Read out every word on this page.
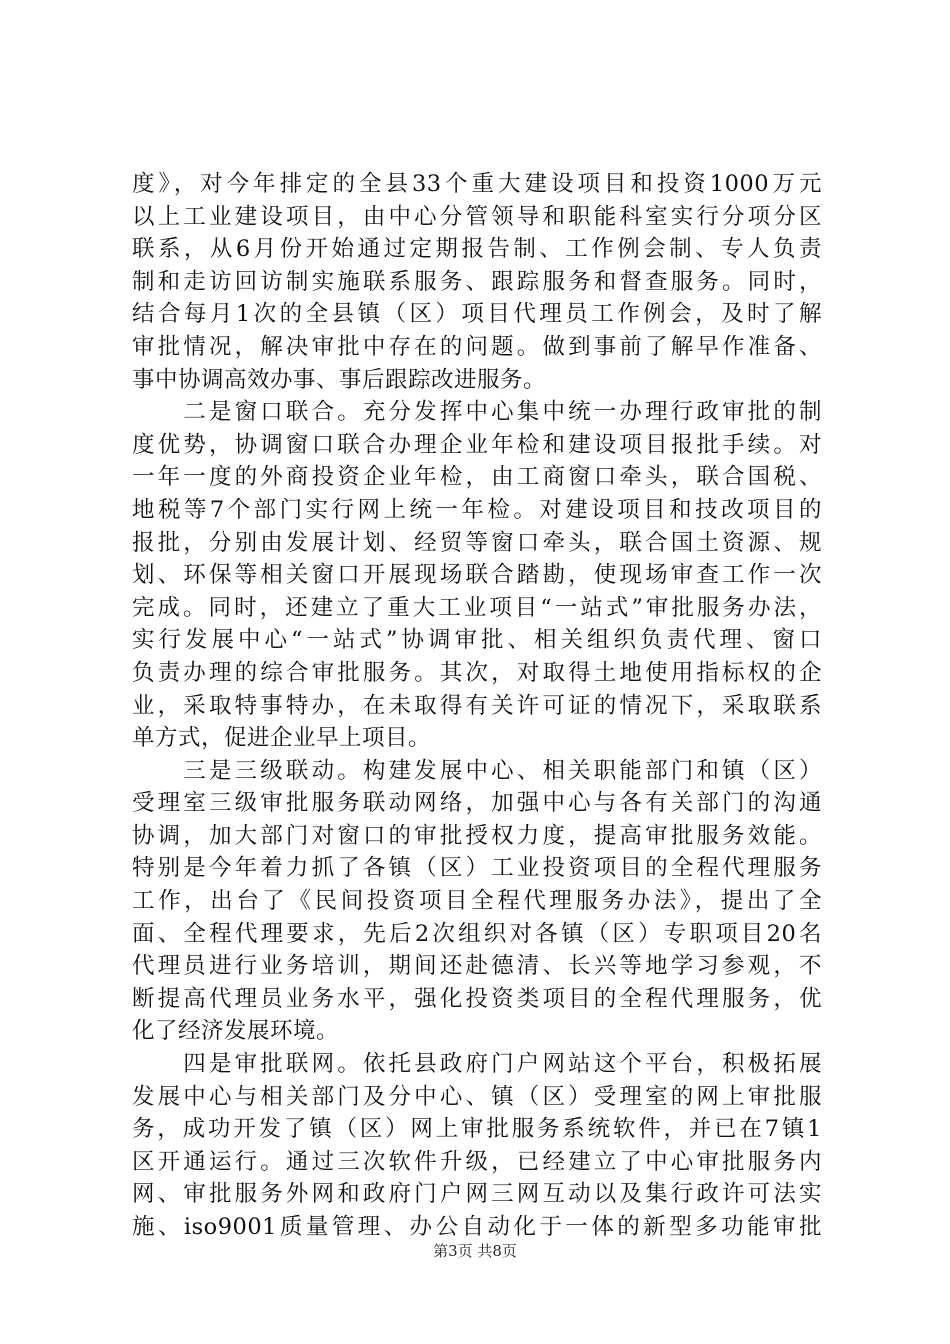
度》，对今年排定的全县33个重大建设项目和投资1000万元
以上工业建设项目，由中心分管领导和职能科室实行分项分区
联系，从6月份开始通过定期报告制、工作例会制、专人负责
制和走访回访制实施联系服务、跟踪服务和督查服务。同时，
结合每月1次的全县镇（区）项目代理员工作例会，及时了解
审批情况，解决审批中存在的问题。做到事前了解早作准备、
事中协调高效办事、事后跟踪改进服务。
　　二是窗口联合。充分发挥中心集中统一办理行政审批的制
度优势，协调窗口联合办理企业年检和建设项目报批手续。对
一年一度的外商投资企业年检，由工商窗口牵头，联合国税、
地税等7个部门实行网上统一年检。对建设项目和技改项目的
报批，分别由发展计划、经贸等窗口牵头，联合国土资源、规
划、环保等相关窗口开展现场联合踏勘，使现场审查工作一次
完成。同时，还建立了重大工业项目“一站式”审批服务办法，
实行发展中心“一站式”协调审批、相关组织负责代理、窗口
负责办理的综合审批服务。其次，对取得土地使用指标权的企
业，采取特事特办，在未取得有关许可证的情况下，采取联系
单方式，促进企业早上项目。
　　三是三级联动。构建发展中心、相关职能部门和镇（区）
受理室三级审批服务联动网络，加强中心与各有关部门的沟通
协调，加大部门对窗口的审批授权力度，提高审批服务效能。
特别是今年着力抓了各镇（区）工业投资项目的全程代理服务
工作，出台了《民间投资项目全程代理服务办法》，提出了全
面、全程代理要求，先后2次组织对各镇（区）专职项目20名
代理员进行业务培训，期间还赴德清、长兴等地学习参观，不
断提高代理员业务水平，强化投资类项目的全程代理服务，优
化了经济发展环境。
　　四是审批联网。依托县政府门户网站这个平台，积极拓展
发展中心与相关部门及分中心、镇（区）受理室的网上审批服
务，成功开发了镇（区）网上审批服务系统软件，并已在7镇1
区开通运行。通过三次软件升级，已经建立了中心审批服务内
网、审批服务外网和政府门户网三网互动以及集行政许可法实
施、iso9001质量管理、办公自动化于一体的新型多功能审批
第3页 共8页
